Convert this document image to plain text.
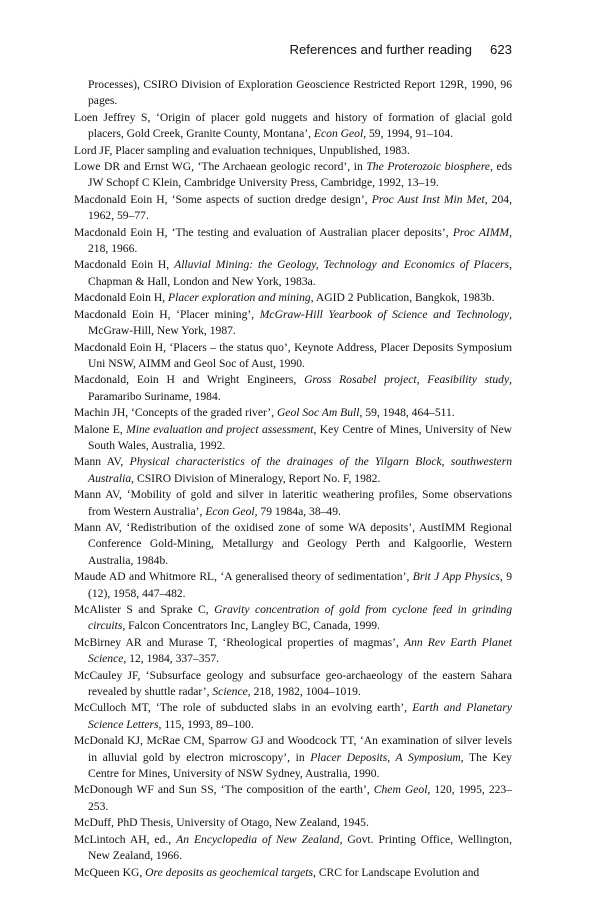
References and further reading 623

Processes), CSIRO Division of Exploration Geoscience Restricted Report 129R, 1990, 96 pages.

Loen Jeffrey S, ‘Origin of placer gold nuggets and history of formation of glacial gold placers, Gold Creek, Granite County, Montana’, Econ Geol, 59, 1994, 91–104.

Lord JF, Placer sampling and evaluation techniques, Unpublished, 1983.

Lowe DR and Ernst WG, ‘The Archaean geologic record’, in The Proterozoic biosphere, eds JW Schopf C Klein, Cambridge University Press, Cambridge, 1992, 13–19.

Macdonald Eoin H, ‘Some aspects of suction dredge design’, Proc Aust Inst Min Met, 204, 1962, 59–77.

Macdonald Eoin H, ‘The testing and evaluation of Australian placer deposits’, Proc AIMM, 218, 1966.

Macdonald Eoin H, Alluvial Mining: the Geology, Technology and Economics of Placers, Chapman & Hall, London and New York, 1983a.

Macdonald Eoin H, Placer exploration and mining, AGID 2 Publication, Bangkok, 1983b.

Macdonald Eoin H, ‘Placer mining’, McGraw-Hill Yearbook of Science and Technology, McGraw-Hill, New York, 1987.

Macdonald Eoin H, ‘Placers – the status quo’, Keynote Address, Placer Deposits Symposium Uni NSW, AIMM and Geol Soc of Aust, 1990.

Macdonald, Eoin H and Wright Engineers, Gross Rosabel project, Feasibility study, Paramaribo Suriname, 1984.

Machin JH, ‘Concepts of the graded river’, Geol Soc Am Bull, 59, 1948, 464–511.

Malone E, Mine evaluation and project assessment, Key Centre of Mines, University of New South Wales, Australia, 1992.

Mann AV, Physical characteristics of the drainages of the Yilgarn Block, southwestern Australia, CSIRO Division of Mineralogy, Report No. F, 1982.

Mann AV, ‘Mobility of gold and silver in lateritic weathering profiles, Some observations from Western Australia’, Econ Geol, 79 1984a, 38–49.

Mann AV, ‘Redistribution of the oxidised zone of some WA deposits’, AustIMM Regional Conference Gold-Mining, Metallurgy and Geology Perth and Kalgoorlie, Western Australia, 1984b.

Maude AD and Whitmore RL, ‘A generalised theory of sedimentation’, Brit J App Physics, 9 (12), 1958, 447–482.

McAlister S and Sprake C, Gravity concentration of gold from cyclone feed in grinding circuits, Falcon Concentrators Inc, Langley BC, Canada, 1999.

McBirney AR and Murase T, ‘Rheological properties of magmas’, Ann Rev Earth Planet Science, 12, 1984, 337–357.

McCauley JF, ‘Subsurface geology and subsurface geo-archaeology of the eastern Sahara revealed by shuttle radar’, Science, 218, 1982, 1004–1019.

McCulloch MT, ‘The role of subducted slabs in an evolving earth’, Earth and Planetary Science Letters, 115, 1993, 89–100.

McDonald KJ, McRae CM, Sparrow GJ and Woodcock TT, ‘An examination of silver levels in alluvial gold by electron microscopy’, in Placer Deposits, A Symposium, The Key Centre for Mines, University of NSW Sydney, Australia, 1990.

McDonough WF and Sun SS, ‘The composition of the earth’, Chem Geol, 120, 1995, 223–253.

McDuff, PhD Thesis, University of Otago, New Zealand, 1945.

McLintoch AH, ed., An Encyclopedia of New Zealand, Govt. Printing Office, Wellington, New Zealand, 1966.

McQueen KG, Ore deposits as geochemical targets, CRC for Landscape Evolution and
